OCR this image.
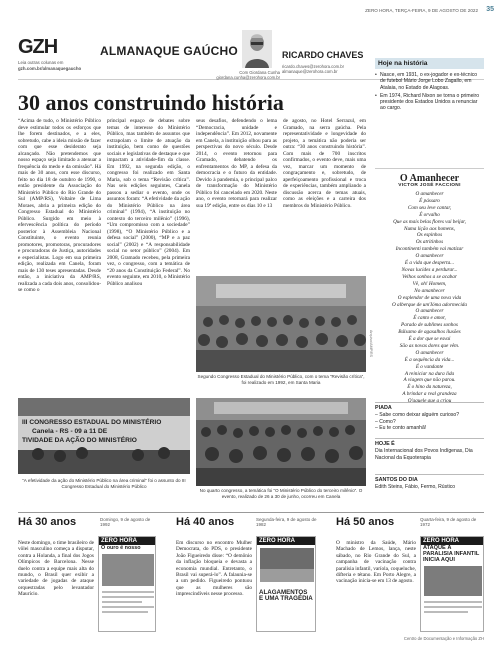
ZERO HORA, TERÇA-FEIRA, 9 DE AGOSTO DE 2022 35
GZH
Leia outras colunas em
gzh.com.br/almanaquegaucho
ALMANAQUE GAÚCHO
Com Giordana Cunha
giordana.cunha@zerohora.com.br
RICARDO CHAVES
ricardo.chaves@zerohora.com.br
almanaque@zerohora.com.br
30 anos construindo história
“Acima de tudo, o Ministério Público deve estimular todos os esforços que lhe forem destinados, e a eles, sobretudo, cabe a ideia missão de fazer com que esse desiderato seja alcançado. Não pretendemos que nosso espaço seja limitado a atenuar a frequência do medo e da omissão”. Há mais de 30 anos, com esse discurso, feito no dia 18 de outubro de 1990, o então presidente da Associação do Ministério Público do Rio Grande do Sul (AMP/RS), Voltaire de Lima Moraes, abria a primeira edição do Congresso Estadual do Ministério Público. Surgido em meio à efervescência política do período posterior à Assembleia Nacional Constituinte, o evento reunia promotores, promotoras, procuradores e procuradoras de Justiça, autoridades e especialistas. Logo em sua primeira edição, realizada em Canela, foram mais de 130 teses apresentadas. Desde então, a iniciativa da AMP/RS, realizada a cada dois anos, consolidou-se como o
principal espaço de debates sobre temas de interesse do Ministério Público, mas também de assuntos que extrapolam o limite de atuação da instituição, bem como de questões sociais e legislativas de destaque e que impactam a atividade-fim da classe. Em 1992, na segunda edição, o congresso foi realizado em Santa Maria, sob o tema “Revisão crítica”. Nas seis edições seguintes, Canela passou a sediar o evento, onde os assuntos foram: “A efetividade da ação do Ministério Público na área criminal” (1994), “A instituição no contexto do terceiro milênio” (1996), “Um compromisso com a sociedade” (1998), “O Ministério Público e a defesa social” (2000), “MP e a paz social” (2002) e “A responsabilidade social no setor público” (2004). Em 2008, Gramado recebeu, pela primeira vez, o congresso, com a temática de “20 anos da Constituição Federal”. No evento seguinte, em 2010, o Ministério Público analisou
seus desafios, defendendo o lema “Democracia, unidade e independência”. Em 2012, novamente em Canela, a instituição olhou para as perspectivas do novo século. Desde 2014, o evento retornou para Gramado, debatendo os enfrentamentos do MP, a defesa da democracia e o futuro da entidade. Devido à pandemia, o principal palco de transformação do Ministério Público foi cancelado em 2020. Neste ano, o evento retornará para realizar sua 19ª edição, entre os dias 10 e 13
de agosto, no Hotel Serrazul, em Gramado, na serra gaúcha. Pela representatividade e longevidade do projeto, a temática não poderia ser outra: “30 anos construindo história”. Com mais de 700 inscritos confirmados, o evento deve, mais uma vez, marcar um momento de congraçamento e, sobretudo, de aperfeiçoamento profissional e troca de experiências, também ampliando a discussão acerca de temas atuais, como as eleições e a carreira dos membros do Ministério Público.
Segundo Congresso Estadual do Ministério Público, com o tema “Revisão crítica”, foi realizado em 1992, em Santa Maria
III CONGRESSO ESTADUAL DO MINISTÉRIO
Canela - RS - 09 a 11 DE
TIVIDADE DA AÇÃO DO MINISTÉRIO
“A efetividade da ação do Ministério Público na área criminal” foi o assunto do III Congresso Estadual do Ministério Público
No quarto congresso, a temática foi “O Ministério Público do terceiro milênio”. O evento, realizado de 26 a 30 de junho, ocorreu em Canela
Arquivo/AMP/RS
Hoje na história
• Nasce, em 1931, o ex-jogador e ex-técnico de futebol Mário Jorge Lobo Zagallo, em Atalaia, no Estado de Alagoas.
• Em 1974, Richard Nixon se torna o primeiro presidente dos Estados Unidos a renunciar ao cargo.
O Amanhecer
VICTOR JOSÉ FACCIONI
O amanhecer
É pássaro
Com seu leve cantar,
É orvalho
Que as mais belas flores vai beijar,
Numa lição aos homens,
Os espinhos
Os atritinhos
Incontinenti também vai matizar
O amanhecer
É a vida que desperta...
Novas lucides a perdurar...
Velhos sonhos a se acabar
Vê, oh! Homem,
No amanhecer
O esplendor de uma nova vida
O alberque de um'Ióma adormecida
O amanhecer
É canto e amor,
Parado de sublimes sonhos
Bálsamo de agasalhos ilusões
É a dor que se esvai
São as novas dores que vêm.
O amanhecer
É a sequência da vida...
É o vandante
A reiniciar na dura lida
A viagem que não parou.
É o hino da natureza,
A brindar a real grandeza
O'aquele que a criou
PIADA
– Sabe como deixar alguém curioso?
– Como?
– Eu te conto amanhã!
HOJE É
Dia Internacional dos Povos Indígenas, Dia Nacional da Equoterapia
SANTOS DO DIA
Edith Steins, Fábio, Fermo, Rústico
Há 30 anos	Domingo, 9 de agosto de 1992
Neste domingo, o time brasileiro de vôlei masculino começa a disputar, contra a Holanda, a final dos Jogos Olímpicos de Barcelona. Nesse duelo contra a equipe mais alta do mundo, o Brasil quer exibir a variedade de jogadas de ataque orquestradas pelo levantador Maurício.
ZERO HORA
O ouro é nosso
Há 40 anos	Segunda-feira, 9 de agosto de 1982
Em discurso no encontro Mulher Democrata, do PDS, o presidente João Figueiredo disse: “O demônio da inflação bloqueia e devasta a economia mundial. Entretanto, o Brasil vai superá-lo”. A falaunia-se a um pedido. Figueiredo pontuou que as mulheres são imprescindíveis nesse processo.
ZERO HORA
ALAGAMENTOS E UMA TRAGÉDIA
Há 50 anos	Quarta-feira, 9 de agosto de 1972
O ministro da Saúde, Mário Machado de Lemos, lança, neste sábado, no Rio Grande do Sul, a campanha de vacinação contra paralisia infantil, varíola, coqueluche, difteria e tétano. Em Porto Alegre, a vacinação inicia-se em 13 de agosto.
ZERO HORA
ATAQUE À PARALISIA INFANTIL INICIA AQUI
Centro de Documentação e Informação ZH
